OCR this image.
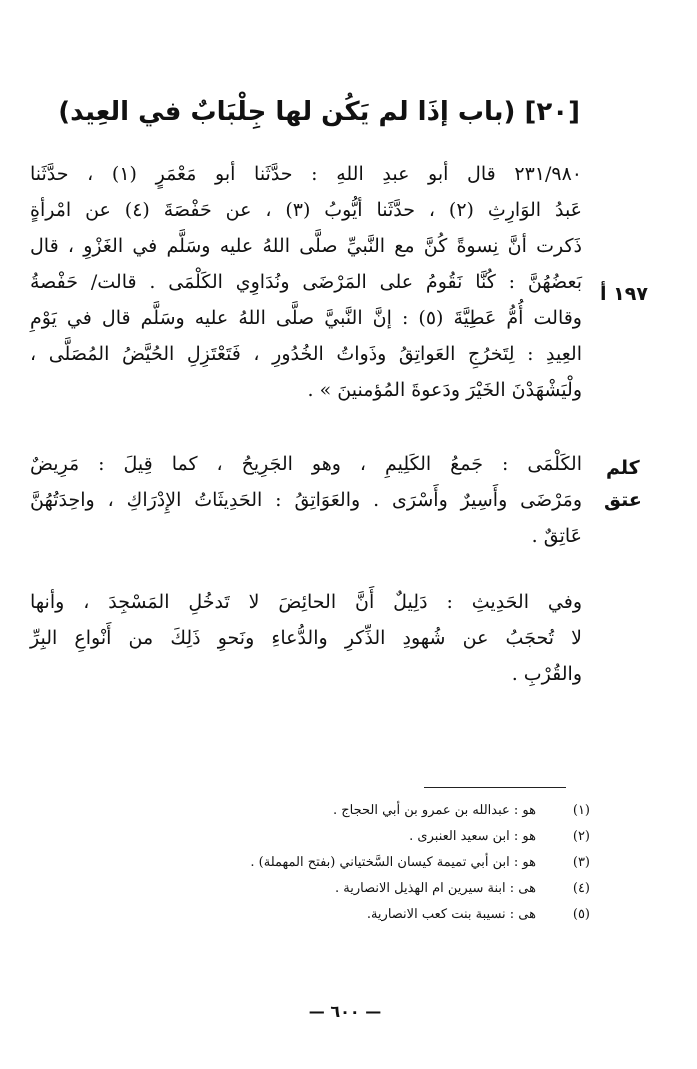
[٢٠] (باب إذَا لم يَكُن لها جِلْبَابٌ في العِيد)
٢٣١/٩٨٠ قال أبو عبدِ اللهِ : حدَّثَنا أبو مَعْمَرٍ (١) ، حدَّثَنا
عَبدُ الوَارِثِ (٢) ، حدَّثَنا أيُّوبُ (٣) ، عن حَفْصَةَ (٤) عن امْرأةٍ
ذَكرت أنَّ نِسوةً كُنَّ مع النَّبيِّ صلَّى اللهُ عليه وسَلَّم في الغَزْوِ ، قال
بَعضُهُنَّ : كُنَّا نَقُومُ على المَرْضَى ونُدَاوِي الكَلْمَى . قالت/ حَفْصةُ
وقالت أُمُّ عَطِيَّةَ (٥) : إنَّ النَّبيَّ صلَّى اللهُ عليه وسَلَّم قال في يَوْمِ
العِيدِ : لِتَخرُجِ العَواتِقُ وذَواتُ الخُدُورِ ، فَتَعْتَزِلِ الحُيَّضُ المُصَلَّى ،
ولْيَشْهَدْنَ الخَيْرَ ودَعوةَ المُؤمنينَ » .
١٩٧ أ
الكَلْمَى : جَمعُ الكَلِيمِ ، وهو الجَرِيحُ ، كما قِيلَ : مَرِيضٌ
ومَرْضَى وأَسِيرٌ وأَسْرَى . والعَوَاتِقُ : الحَدِيثَاتُ الإِدْرَاكِ ، واحِدَتُهُنَّ
عَاتِقٌ .
كلم
عتق
وفي الحَدِيثِ : دَلِيلٌ أَنَّ الحائِضَ لا تَدخُلِ المَسْجِدَ ، وأنها
لا تُحجَبُ عن شُهودِ الذِّكرِ والدُّعاءِ ونَحوِ ذَلِكَ من أَنْواعِ البِرِّ
والقُرْبِ .
(١)
هو : عبدالله بن عمرو بن أبي الحجاج .
(٢)
هو : ابن سعيد العنبرى .
(٣)
هو : ابن أبي تميمة كيسان السَّختياني (بفتح المهملة) .
(٤)
هى : ابنة سيرين ام الهذيل الانصارية .
(٥)
هى : نسيبة بنت كعب الانصارية.
— ٦٠٠ —
